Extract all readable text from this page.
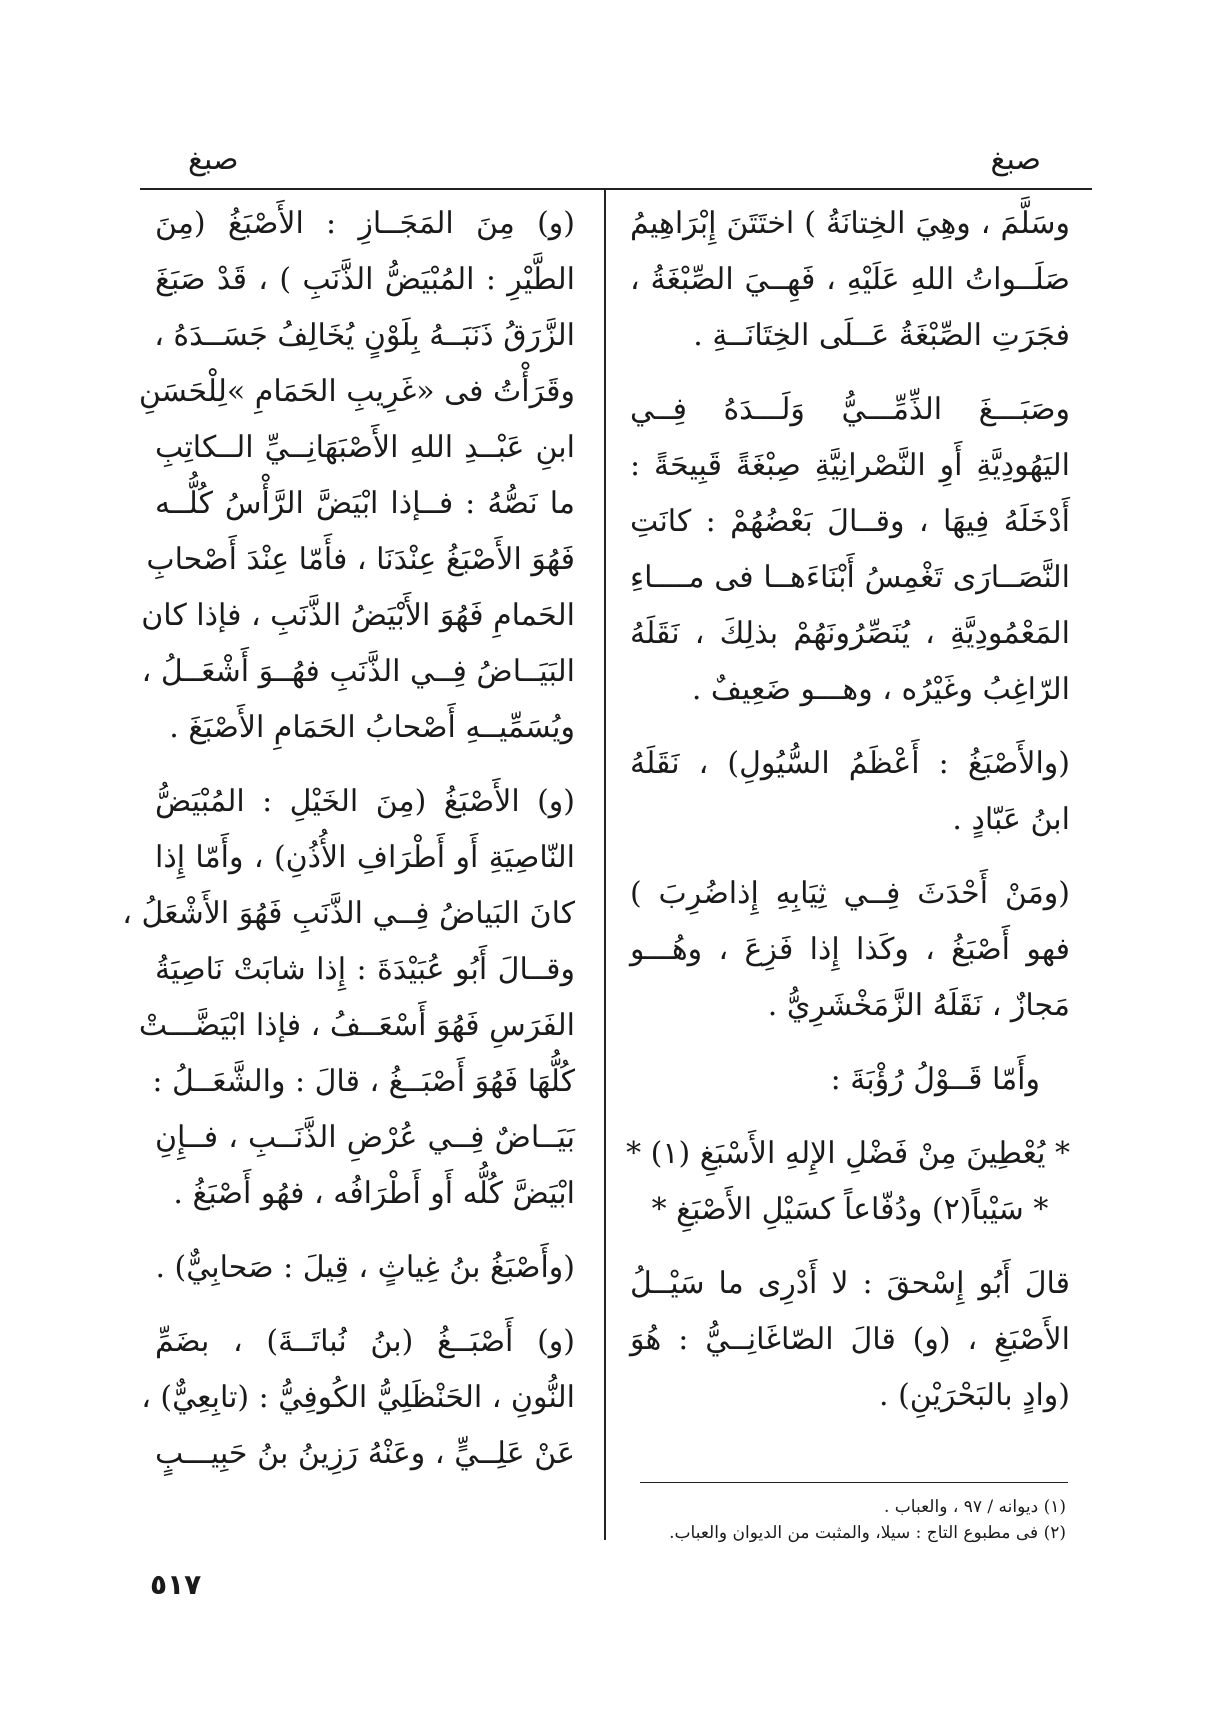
صبغ
صبغ
وسَلَّمَ ، وهِيَ الخِتانَةُ ) اختَتَنَ إِبْرَاهِيمُ
صَلَــواتُ اللهِ عَلَيْهِ ، فَهِــيَ الصِّبْغَةُ ،
فجَرَتِ الصِّبْغَةُ عَــلَى الخِتَانَــةِ .
وصَبَـــغَ الذِّمِّـــيُّ وَلَـــدَهُ فِــي
اليَهُودِيَّةِ أَوِ النَّصْرانِيَّةِ صِبْغَةً قَبِيحَةً :
أَدْخَلَهُ فِيهَا ، وقــالَ بَعْضُهُمْ : كانَتِ
النَّصَــارَى تَغْمِسُ أَبْنَاءَهــا فى مــــاءِ
المَعْمُودِيَّةِ ، يُنَصِّرُونَهُمْ بذلِكَ ، نَقَلَهُ
الرّاغِبُ وغَيْرُه ، وهـــو ضَعِيفٌ .
(والأَصْبَغُ : أَعْظَمُ السُّيُولِ) ، نَقَلَهُ
ابنُ عَبّادٍ .
(ومَنْ أَحْدَثَ فِــي ثِيَابِهِ إِذاضُرِبَ )
فهو أَصْبَغُ ، وكَذا إِذا فَزِعَ ، وهُـــو
مَجازٌ ، نَقَلَهُ الزَّمَخْشَرِيُّ .
وأَمّا قَــوْلُ رُؤْبَةَ :
* يُعْطِينَ مِنْ فَضْلِ الإِلهِ الأَسْبَغِ (١) *
* سَيْباً(٢) ودُفّاعاً كسَيْلِ الأَصْبَغِ *
قالَ أَبُو إِسْحقَ : لا أَدْرِى ما سَيْــلُ
الأَصْبَغِ ، (و) قالَ الصّاغَانِــيُّ : هُوَ
(وادٍ بالبَحْرَيْنِ) .
(١) ديوانه / ٩٧ ، والعباب .
(٢) فى مطبوع التاج : سيلا، والمثبت من الديوان والعباب.
(و) مِنَ المَجَــازِ : الأَصْبَغُ (مِنَ
الطَّيْرِ : المُبْيَضُّ الذَّنَبِ ) ، قَدْ صَبَغَ
الزَّرَقُ ذَنَبَــهُ بِلَوْنٍ يُخَالِفُ جَسَــدَهُ ،
وقَرَأْتُ فى «غَرِيبِ الحَمَامِ »لِلْحَسَنِ
ابنِ عَبْــدِ اللهِ الأَصْبَهَانِــيِّ الــكاتِبِ
ما نَصُّهُ : فــإذا ابْيَضَّ الرَّأْسُ كُلُّــه
فَهُوَ الأَصْبَغُ عِنْدَنَا ، فأَمّا عِنْدَ أَصْحابِ
الحَمامِ فَهُوَ الأَبْيَضُ الذَّنَبِ ، فإذا كان
البَيَــاضُ فِــي الذَّنَبِ فهُــوَ أَشْعَــلُ ،
ويُسَمِّيــهِ أَصْحابُ الحَمَامِ الأَصْبَغَ .
(و) الأَصْبَغُ (مِنَ الخَيْلِ : المُبْيَضُّ
النّاصِيَةِ أَو أَطْرَافِ الأُذُنِ) ، وأَمّا إِذا
كانَ البَياضُ فِــي الذَّنَبِ فَهُوَ الأَشْعَلُ ،
وقــالَ أَبُو عُبَيْدَةَ : إِذا شابَتْ نَاصِيَةُ
الفَرَسِ فَهُوَ أَسْعَــفُ ، فإذا ابْيَضَّـــتْ
كُلُّهَا فَهُوَ أَصْبَــغُ ، قالَ : والشَّعَــلُ :
بَيَــاضٌ فِــي عُرْضِ الذَّنَــبِ ، فــإِنِ
ابْيَضَّ كُلُّه أَو أَطْرَافُه ، فهُو أَصْبَغُ .
(وأَصْبَغُ بنُ غِياثٍ ، قِيلَ : صَحابِيٌّ) .
(و) أَصْبَــغُ (بنُ نُباتَــةَ) ، بضَمِّ
النُّونِ ، الحَنْظَلِيُّ الكُوفِيُّ : (تابِعِيٌّ) ،
عَنْ عَلِــيٍّ ، وعَنْهُ رَزِينُ بنُ حَبِيـــبٍ
٥١٧
